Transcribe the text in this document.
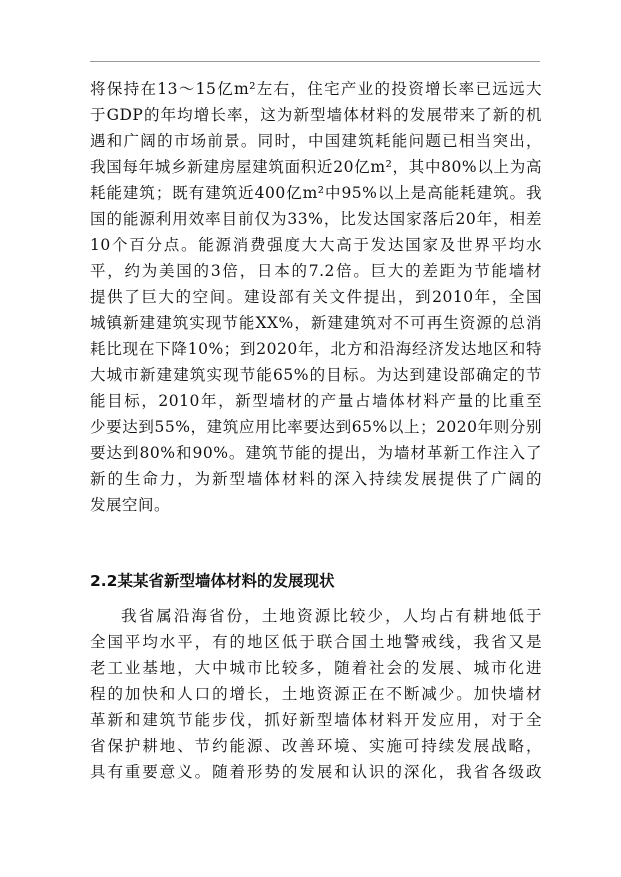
将保持在13～15亿m²左右，住宅产业的投资增长率已远远大
于GDP的年均增长率，这为新型墙体材料的发展带来了新的机
遇和广阔的市场前景。同时，中国建筑耗能问题已相当突出，
我国每年城乡新建房屋建筑面积近20亿m²，其中80%以上为高
耗能建筑；既有建筑近400亿m²中95%以上是高能耗建筑。我
国的能源利用效率目前仅为33%，比发达国家落后20年，相差
10个百分点。能源消费强度大大高于发达国家及世界平均水
平，约为美国的3倍，日本的7.2倍。巨大的差距为节能墙材
提供了巨大的空间。建设部有关文件提出，到2010年，全国
城镇新建建筑实现节能XX%，新建建筑对不可再生资源的总消
耗比现在下降10%；到2020年，北方和沿海经济发达地区和特
大城市新建建筑实现节能65%的目标。为达到建设部确定的节
能目标，2010年，新型墙材的产量占墙体材料产量的比重至
少要达到55%，建筑应用比率要达到65%以上；2020年则分别
要达到80%和90%。建筑节能的提出，为墙材革新工作注入了
新的生命力，为新型墙体材料的深入持续发展提供了广阔的
发展空间。
2.2某某省新型墙体材料的发展现状
我省属沿海省份，土地资源比较少，人均占有耕地低于
全国平均水平，有的地区低于联合国土地警戒线，我省又是
老工业基地，大中城市比较多，随着社会的发展、城市化进
程的加快和人口的增长，土地资源正在不断减少。加快墙材
革新和建筑节能步伐，抓好新型墙体材料开发应用，对于全
省保护耕地、节约能源、改善环境、实施可持续发展战略，
具有重要意义。随着形势的发展和认识的深化，我省各级政
